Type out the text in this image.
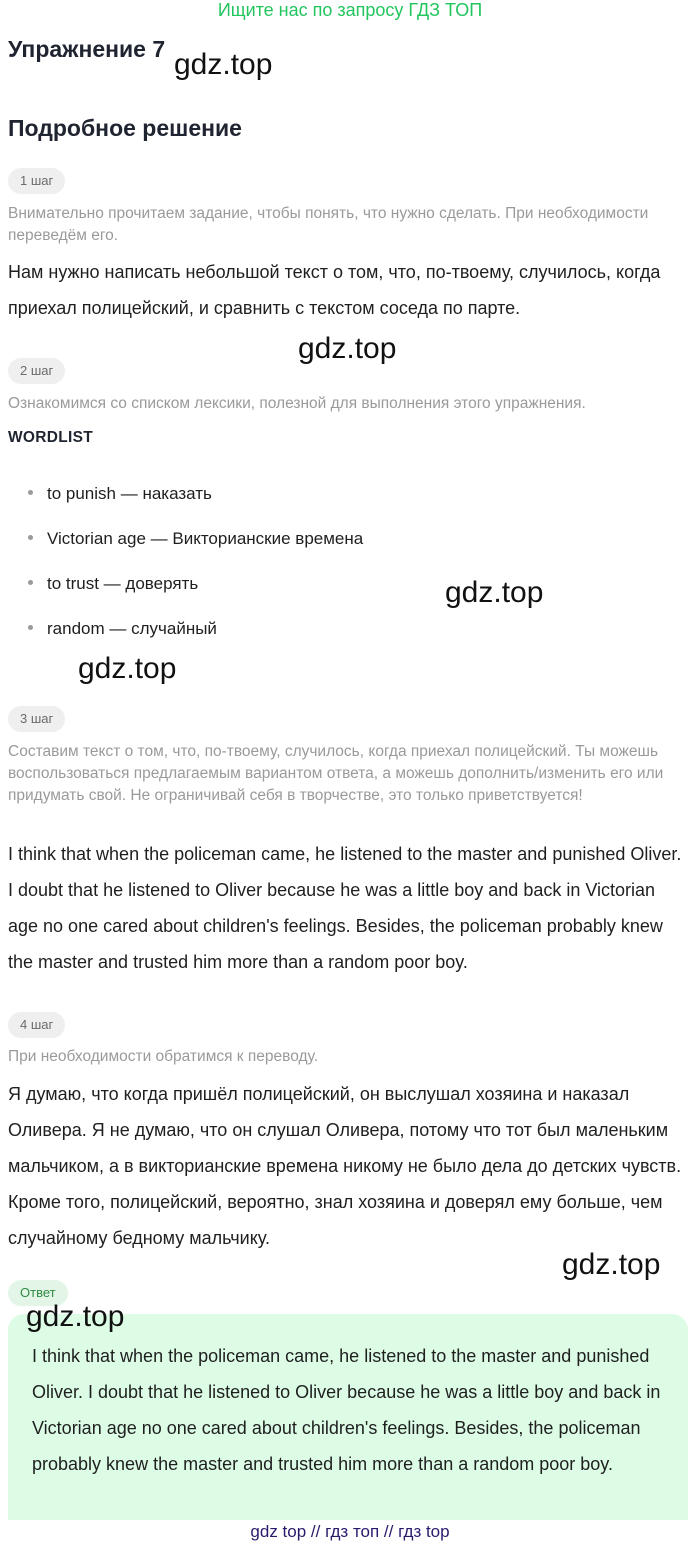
Ищите нас по запросу ГДЗ ТОП
Упражнение 7 gdz.top
Подробное решение
1 шаг
Внимательно прочитаем задание, чтобы понять, что нужно сделать. При необходимости переведём его.
Нам нужно написать небольшой текст о том, что, по-твоему, случилось, когда приехал полицейский, и сравнить с текстом соседа по парте.
gdz.top
2 шаг
Ознакомимся со списком лексики, полезной для выполнения этого упражнения.
WORDLIST
to punish — наказать
Victorian age — Викторианские времена
to trust — доверять
random — случайный
gdz.top
gdz.top
3 шаг
Составим текст о том, что, по-твоему, случилось, когда приехал полицейский. Ты можешь воспользоваться предлагаемым вариантом ответа, а можешь дополнить/изменить его или придумать свой. Не ограничивай себя в творчестве, это только приветствуется!
I think that when the policeman came, he listened to the master and punished Oliver. I doubt that he listened to Oliver because he was a little boy and back in Victorian age no one cared about children's feelings. Besides, the policeman probably knew the master and trusted him more than a random poor boy.
4 шаг
При необходимости обратимся к переводу.
Я думаю, что когда пришёл полицейский, он выслушал хозяина и наказал Оливера. Я не думаю, что он слушал Оливера, потому что тот был маленьким мальчиком, а в викторианские времена никому не было дела до детских чувств. Кроме того, полицейский, вероятно, знал хозяина и доверял ему больше, чем случайному бедному мальчику.
gdz.top
Ответ
gdz.top
I think that when the policeman came, he listened to the master and punished Oliver. I doubt that he listened to Oliver because he was a little boy and back in Victorian age no one cared about children's feelings. Besides, the policeman probably knew the master and trusted him more than a random poor boy.
gdz top // гдз топ // гдз top
